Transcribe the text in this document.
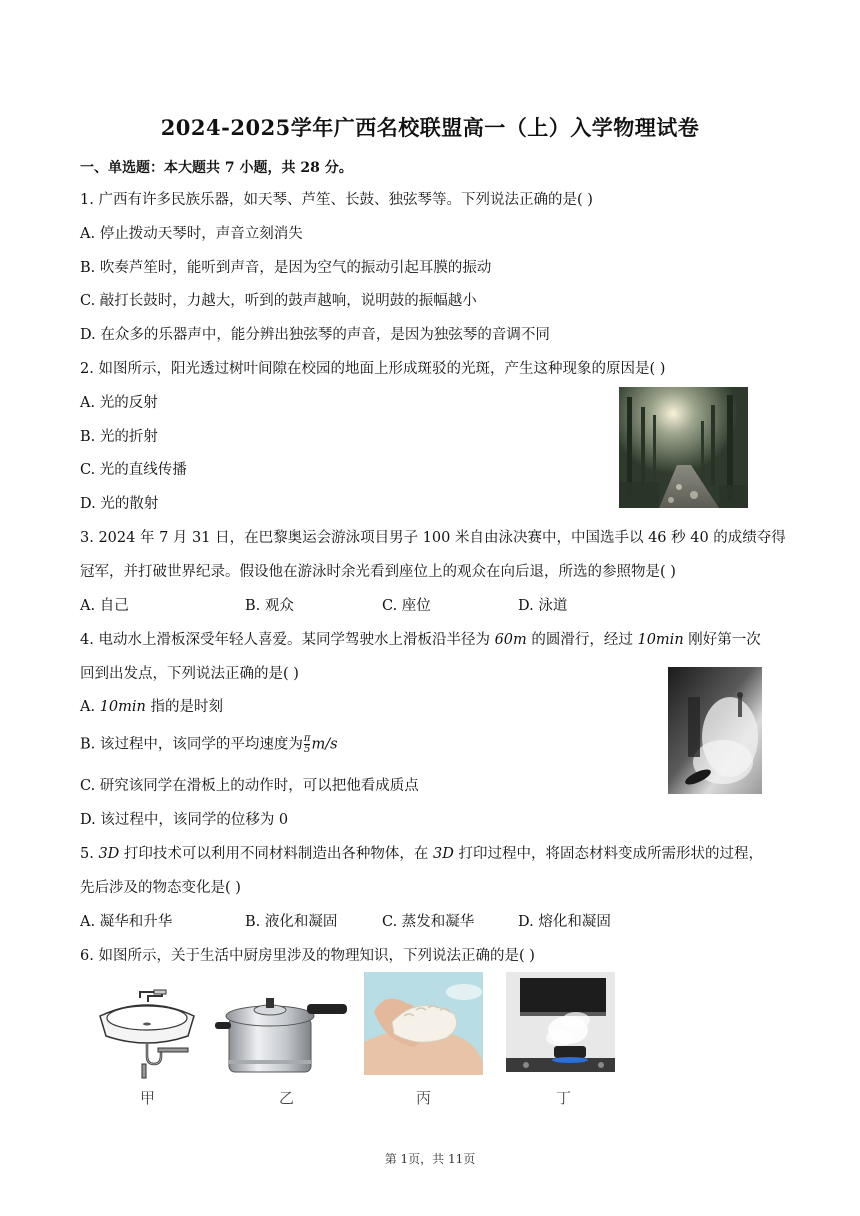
2024-2025学年广西名校联盟高一（上）入学物理试卷
一、单选题：本大题共 7 小题，共 28 分。
1. 广西有许多民族乐器，如天琴、芦笙、长鼓、独弦琴等。下列说法正确的是( )
A. 停止拨动天琴时，声音立刻消失
B. 吹奏芦笙时，能听到声音，是因为空气的振动引起耳膜的振动
C. 敲打长鼓时，力越大，听到的鼓声越响，说明鼓的振幅越小
D. 在众多的乐器声中，能分辨出独弦琴的声音，是因为独弦琴的音调不同
2. 如图所示，阳光透过树叶间隙在校园的地面上形成斑驳的光斑，产生这种现象的原因是( )
A. 光的反射
B. 光的折射
C. 光的直线传播
D. 光的散射
3. 2024 年 7 月 31 日，在巴黎奥运会游泳项目男子 100 米自由泳决赛中，中国选手以 46 秒 40 的成绩夺得
冠军，并打破世界纪录。假设他在游泳时余光看到座位上的观众在向后退，所选的参照物是( )
A. 自己	B. 观众	C. 座位	D. 泳道
4. 电动水上滑板深受年轻人喜爱。某同学驾驶水上滑板沿半径为 60m 的圆滑行，经过 10min 刚好第一次
回到出发点，下列说法正确的是( )
A. 10min 指的是时刻
B. 该过程中，该同学的平均速度为 $\frac{\pi}{5} m/s$
C. 研究该同学在滑板上的动作时，可以把他看成质点
D. 该过程中，该同学的位移为 0
5. 3D 打印技术可以利用不同材料制造出各种物体，在 3D 打印过程中，将固态材料变成所需形状的过程，
先后涉及的物态变化是( )
A. 凝华和升华	B. 液化和凝固	C. 蒸发和凝华	D. 熔化和凝固
6. 如图所示，关于生活中厨房里涉及的物理知识，下列说法正确的是( )
甲	乙	丙	丁
第 1页，共 11页
